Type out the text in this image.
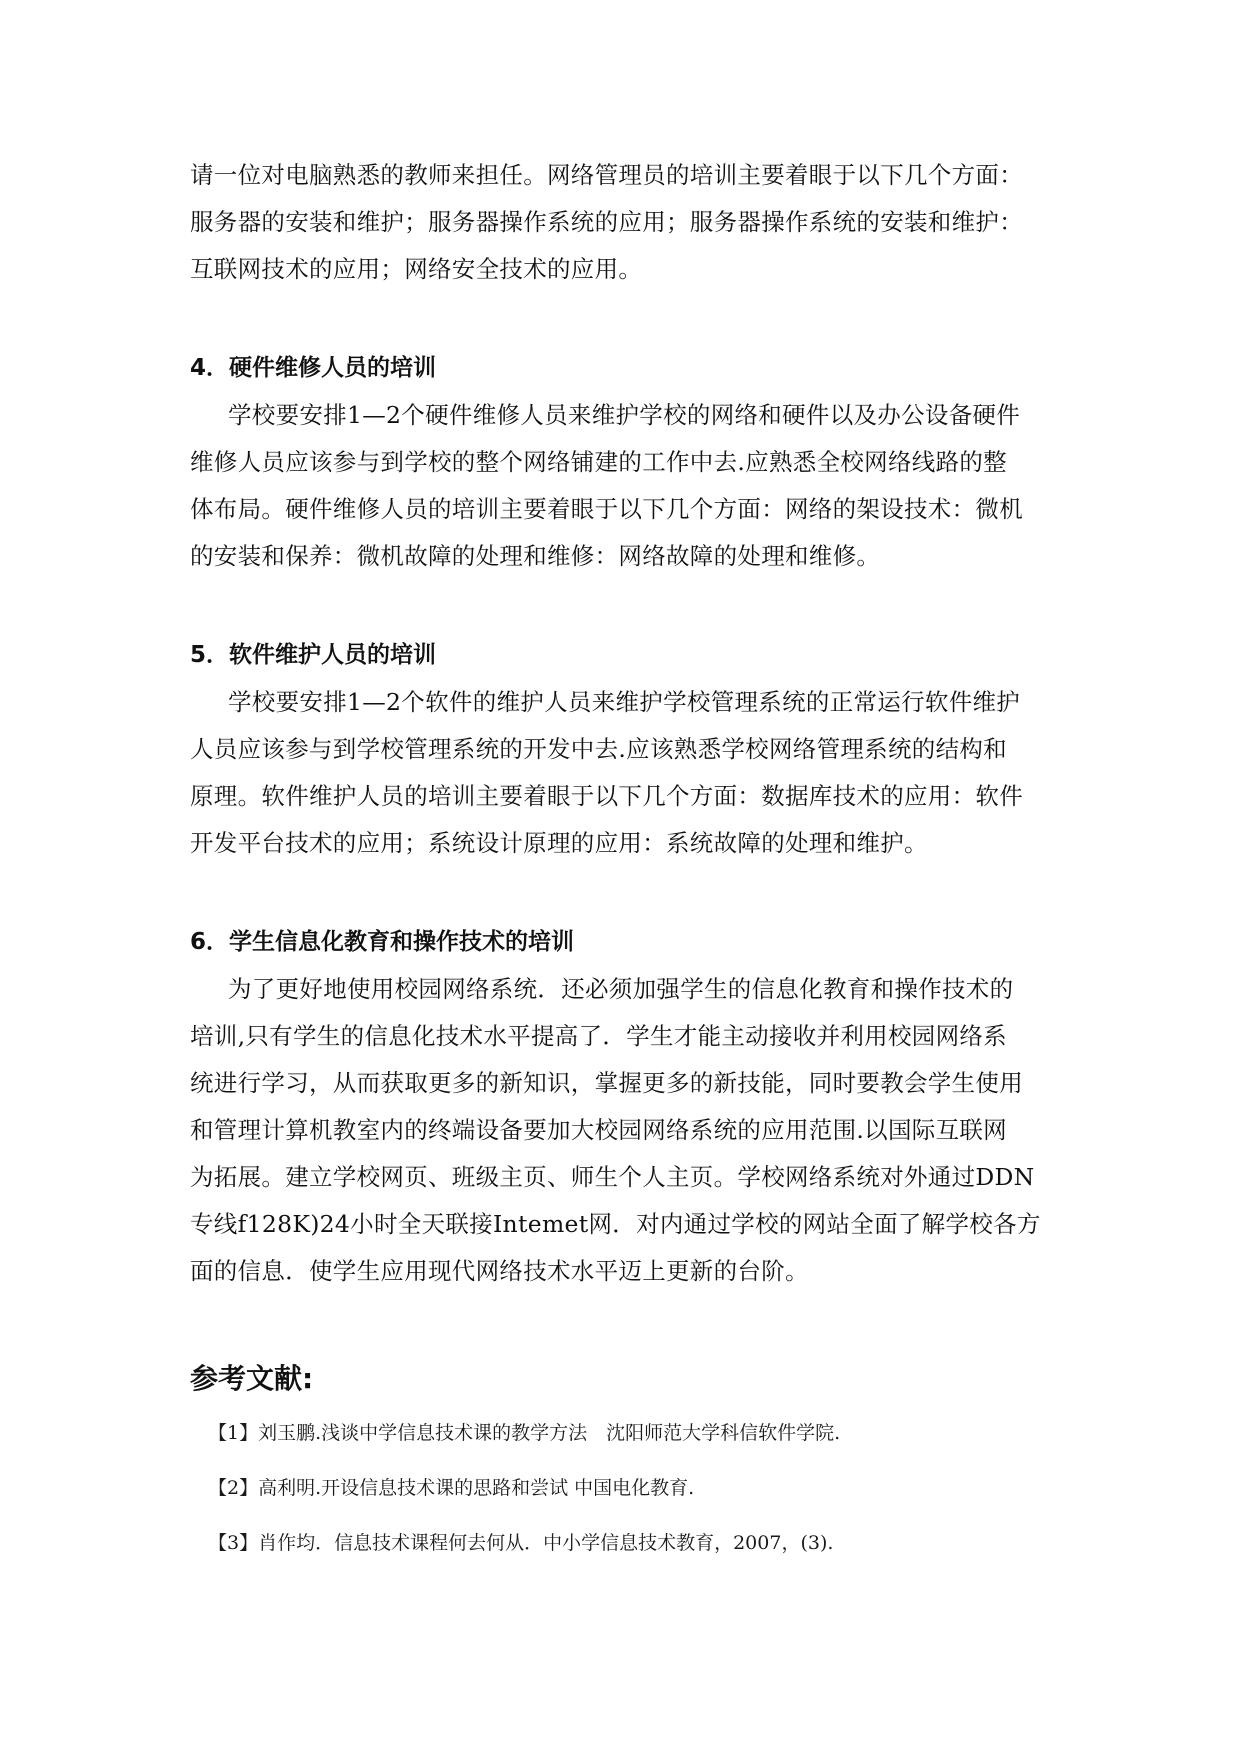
请一位对电脑熟悉的教师来担任。网络管理员的培训主要着眼于以下几个方面：
服务器的安装和维护；服务器操作系统的应用；服务器操作系统的安装和维护：
互联网技术的应用；网络安全技术的应用。
4．硬件维修人员的培训
学校要安排1—2个硬件维修人员来维护学校的网络和硬件以及办公设备硬件
维修人员应该参与到学校的整个网络铺建的工作中去.应熟悉全校网络线路的整
体布局。硬件维修人员的培训主要着眼于以下几个方面：网络的架设技术：微机
的安装和保养：微机故障的处理和维修：网络故障的处理和维修。
5．软件维护人员的培训
学校要安排1—2个软件的维护人员来维护学校管理系统的正常运行软件维护
人员应该参与到学校管理系统的开发中去.应该熟悉学校网络管理系统的结构和
原理。软件维护人员的培训主要着眼于以下几个方面：数据库技术的应用：软件
开发平台技术的应用；系统设计原理的应用：系统故障的处理和维护。
6．学生信息化教育和操作技术的培训
为了更好地使用校园网络系统．还必须加强学生的信息化教育和操作技术的
培训,只有学生的信息化技术水平提高了．学生才能主动接收并利用校园网络系
统进行学习，从而获取更多的新知识，掌握更多的新技能，同时要教会学生使用
和管理计算机教室内的终端设备要加大校园网络系统的应用范围.以国际互联网
为拓展。建立学校网页、班级主页、师生个人主页。学校网络系统对外通过DDN
专线f128K)24小时全天联接Intemet网．对内通过学校的网站全面了解学校各方
面的信息．使学生应用现代网络技术水平迈上更新的台阶。
参考文献:
【1】刘玉鹏.浅谈中学信息技术课的教学方法　沈阳师范大学科信软件学院.
【2】高利明.开设信息技术课的思路和尝试 中国电化教育.
【3】肖作均．信息技术课程何去何从．中小学信息技术教育，2007，(3).
